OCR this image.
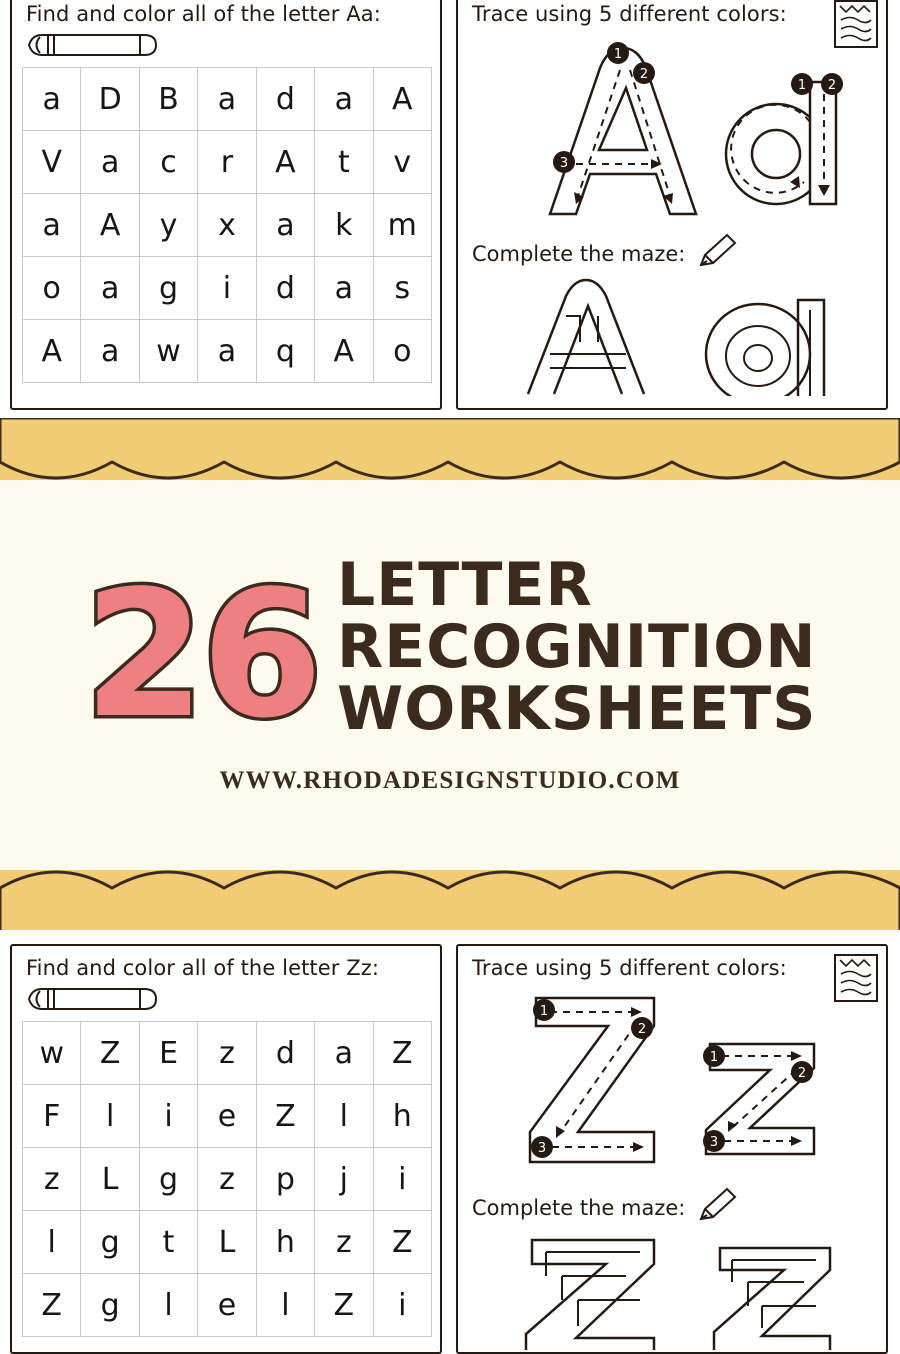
Find and color all of the letter Aa:
a	D	B	a	d	a	A
V	a	c	r	A	t	v
a	A	y	x	a	k	m
o	a	g	i	d	a	s
A	a	w	a	q	A	o
Trace using 5 different colors:
1
2
3
1 2
Complete the maze:
26 LETTER
RECOGNITION
WORKSHEETS
WWW.RHODADESIGNSTUDIO.COM
Find and color all of the letter Zz:
w	Z	E	z	d	a	Z
F	l	i	e	Z	l	h
z	L	g	z	p	j	i
l	g	t	L	h	z	Z
Z	g	l	e	l	Z	i
Trace using 5 different colors:
1
2
3
1
2
3
Complete the maze:
